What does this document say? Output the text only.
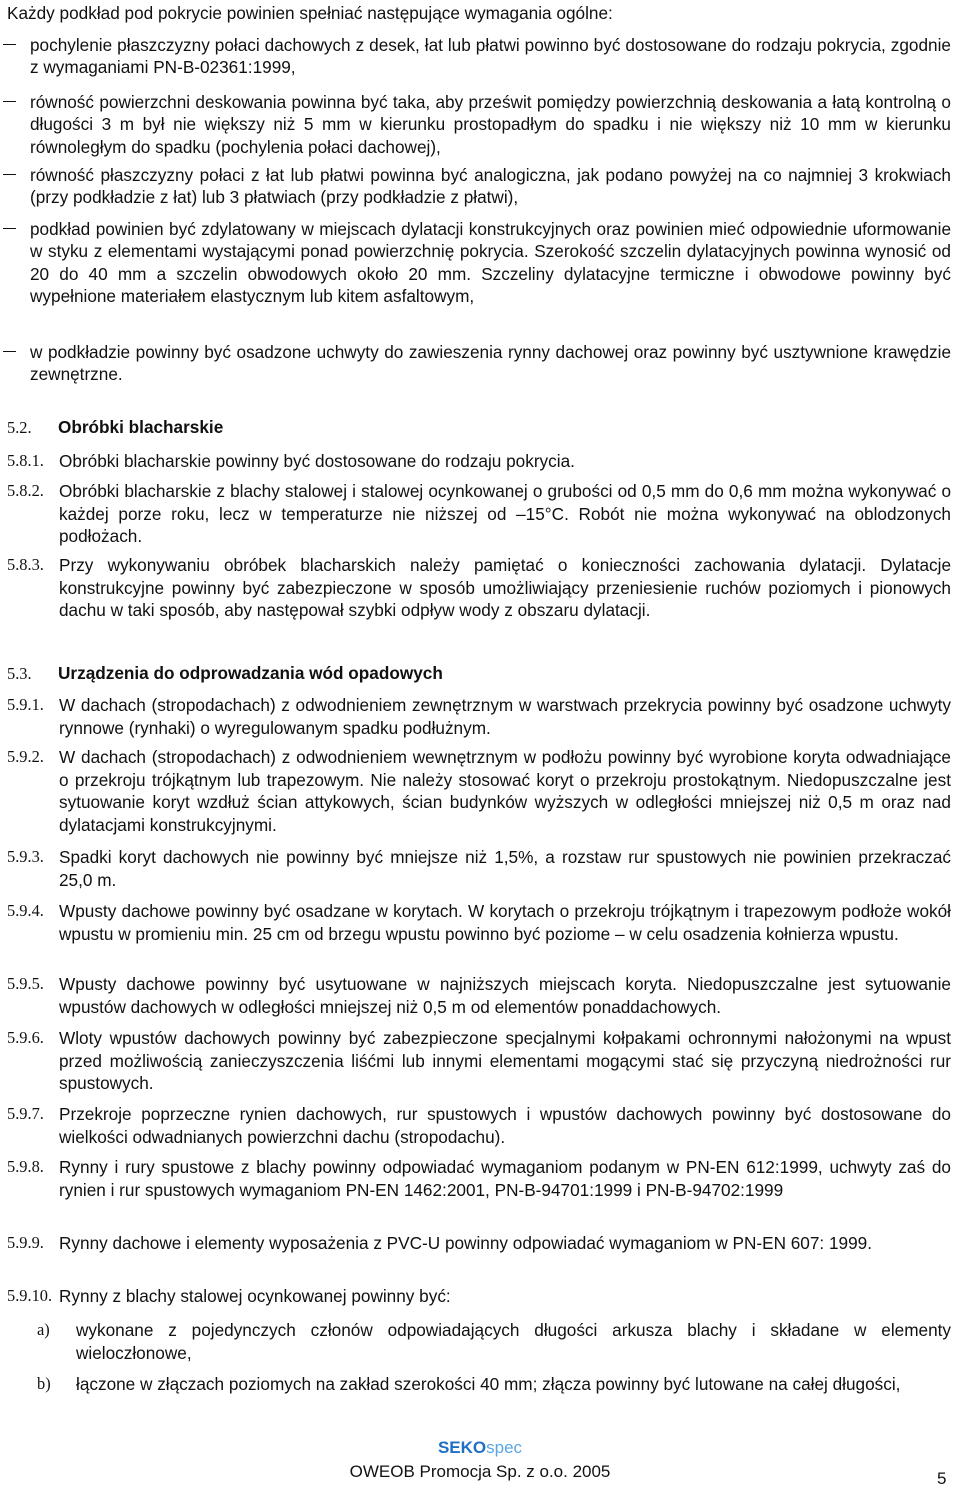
Każdy podkład pod pokrycie powinien spełniać następujące wymagania ogólne:
pochylenie płaszczyzny połaci dachowych z desek, łat lub płatwi powinno być dostosowane do rodzaju pokrycia, zgodnie z wymaganiami PN-B-02361:1999,
równość powierzchni deskowania powinna być taka, aby prześwit pomiędzy powierzchnią deskowania a łatą kontrolną o długości 3 m był nie większy niż 5 mm w kierunku prostopadłym do spadku i nie większy niż 10 mm w kierunku równoległym do spadku (pochylenia połaci dachowej),
równość płaszczyzny połaci z łat lub płatwi powinna być analogiczna, jak podano powyżej na co najmniej 3 krokwiach (przy podkładzie z łat) lub 3 płatwiach (przy podkładzie z płatwi),
podkład powinien być zdylatowany w miejscach dylatacji konstrukcyjnych oraz powinien mieć odpowiednie uformowanie w styku z elementami wystającymi ponad powierzchnię pokrycia. Szerokość szczelin dylatacyjnych powinna wynosić od 20 do 40 mm a szczelin obwodowych około 20 mm. Szczeliny dylatacyjne termiczne i obwodowe powinny być wypełnione materiałem elastycznym lub kitem asfaltowym,
w podkładzie powinny być osadzone uchwyty do zawieszenia rynny dachowej oraz powinny być usztywnione krawędzie zewnętrzne.
5.2. Obróbki blacharskie
5.8.1. Obróbki blacharskie powinny być dostosowane do rodzaju pokrycia.
5.8.2. Obróbki blacharskie z blachy stalowej i stalowej ocynkowanej o grubości od 0,5 mm do 0,6 mm można wykonywać o każdej porze roku, lecz w temperaturze nie niższej od –15°C. Robót nie można wykonywać na oblodzonych podłożach.
5.8.3. Przy wykonywaniu obróbek blacharskich należy pamiętać o konieczności zachowania dylatacji. Dylatacje konstrukcyjne powinny być zabezpieczone w sposób umożliwiający przeniesienie ruchów poziomych i pionowych dachu w taki sposób, aby następował szybki odpływ wody z obszaru dylatacji.
5.3. Urządzenia do odprowadzania wód opadowych
5.9.1. W dachach (stropodachach) z odwodnieniem zewnętrznym w warstwach przekrycia powinny być osadzone uchwyty rynnowe (rynhaki) o wyregulowanym spadku podłużnym.
5.9.2. W dachach (stropodachach) z odwodnieniem wewnętrznym w podłożu powinny być wyrobione koryta odwadniające o przekroju trójkątnym lub trapezowym. Nie należy stosować koryt o przekroju prostokątnym. Niedopuszczalne jest sytuowanie koryt wzdłuż ścian attykowych, ścian budynków wyższych w odległości mniejszej niż 0,5 m oraz nad dylatacjami konstrukcyjnymi.
5.9.3. Spadki koryt dachowych nie powinny być mniejsze niż 1,5%, a rozstaw rur spustowych nie powinien przekraczać 25,0 m.
5.9.4. Wpusty dachowe powinny być osadzane w korytach. W korytach o przekroju trójkątnym i trapezowym podłoże wokół wpustu w promieniu min. 25 cm od brzegu wpustu powinno być poziome – w celu osadzenia kołnierza wpustu.
5.9.5. Wpusty dachowe powinny być usytuowane w najniższych miejscach koryta. Niedopuszczalne jest sytuowanie wpustów dachowych w odległości mniejszej niż 0,5 m od elementów ponaddachowych.
5.9.6. Wloty wpustów dachowych powinny być zabezpieczone specjalnymi kołpakami ochronnymi nałożonymi na wpust przed możliwością zanieczyszczenia liśćmi lub innymi elementami mogącymi stać się przyczyną niedrożności rur spustowych.
5.9.7. Przekroje poprzeczne rynien dachowych, rur spustowych i wpustów dachowych powinny być dostosowane do wielkości odwadnianych powierzchni dachu (stropodachu).
5.9.8. Rynny i rury spustowe z blachy powinny odpowiadać wymaganiom podanym w PN-EN 612:1999, uchwyty zaś do rynien i rur spustowych wymaganiom PN-EN 1462:2001, PN-B-94701:1999 i PN-B-94702:1999
5.9.9. Rynny dachowe i elementy wyposażenia z PVC-U powinny odpowiadać wymaganiom w PN-EN 607: 1999.
5.9.10. Rynny z blachy stalowej ocynkowanej powinny być:
a) wykonane z pojedynczych członów odpowiadających długości arkusza blachy i składane w elementy wieloczłonowe,
b) łączone w złączach poziomych na zakład szerokości 40 mm; złącza powinny być lutowane na całej długości,
SEKOspec
OWEOB Promocja Sp. z o.o. 2005	5
